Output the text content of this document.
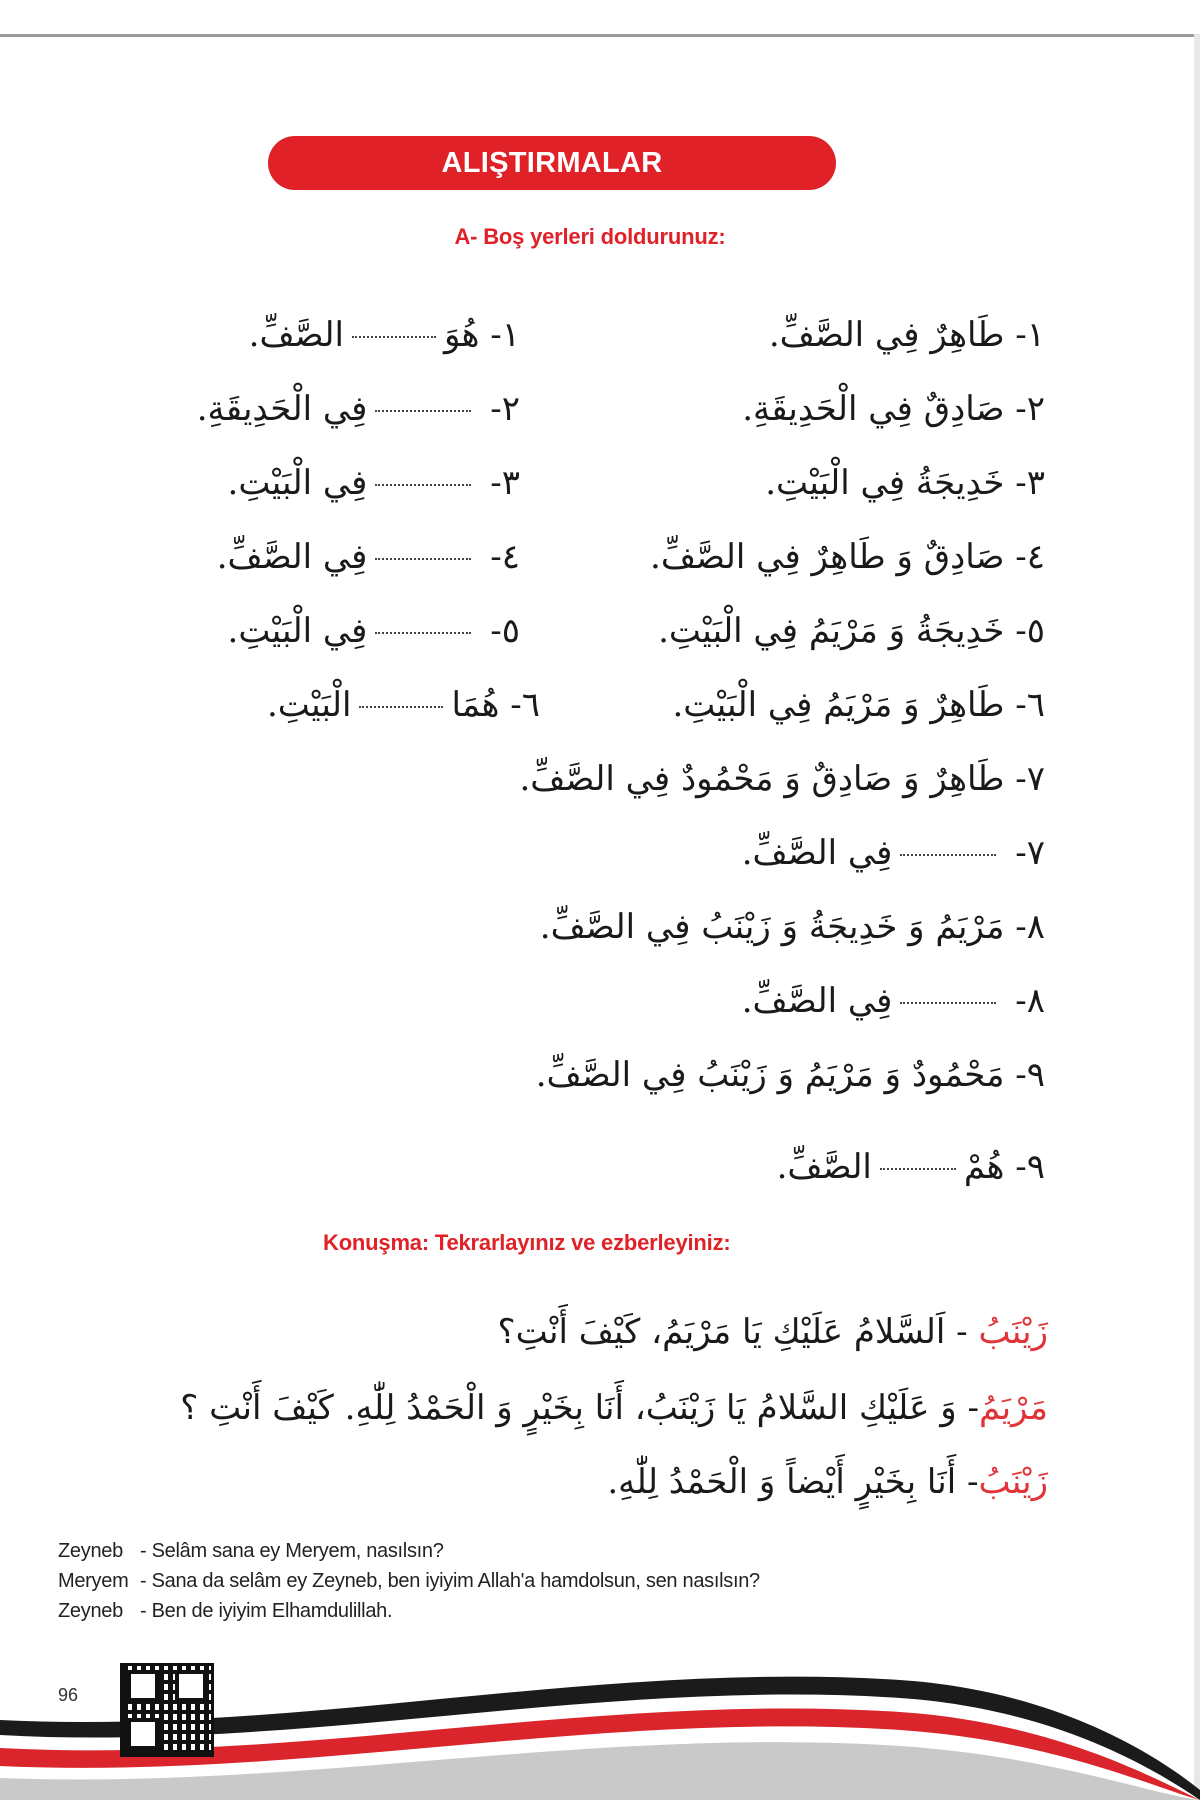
ALIŞTIRMALAR
A- Boş yerleri doldurunuz:
١- طَاهِرٌ فِي الصَّفِّ.
٢- صَادِقٌ فِي الْحَدِيقَةِ.
٣- خَدِيجَةُ فِي الْبَيْتِ.
٤- صَادِقٌ وَ طَاهِرٌ فِي الصَّفِّ.
٥- خَدِيجَةُ وَ مَرْيَمُ فِي الْبَيْتِ.
٦- طَاهِرٌ وَ مَرْيَمُ فِي الْبَيْتِ.
٧- طَاهِرٌ وَ صَادِقٌ وَ مَحْمُودٌ فِي الصَّفِّ.
٨- مَرْيَمُ وَ خَدِيجَةُ وَ زَيْنَبُ فِي الصَّفِّ.
٩- مَحْمُودٌ وَ مَرْيَمُ وَ زَيْنَبُ فِي الصَّفِّ.
١- هُوَالصَّفِّ.
٢- فِي الْحَدِيقَةِ.
٣- فِي الْبَيْتِ.
٤- فِي الصَّفِّ.
٥- فِي الْبَيْتِ.
٦- هُمَاالْبَيْتِ.
٧- فِي الصَّفِّ.
٨- فِي الصَّفِّ.
٩- هُمْالصَّفِّ.
Konuşma: Tekrarlayınız ve ezberleyiniz:
زَيْنَبُ - اَلسَّلامُ عَلَيْكِ يَا مَرْيَمُ، كَيْفَ أَنْتِ؟
مَرْيَمُ- وَ عَلَيْكِ السَّلامُ يَا زَيْنَبُ، أَنَا بِخَيْرٍ وَ الْحَمْدُ لِلّٰهِ. كَيْفَ أَنْتِ ؟
زَيْنَبُ- أَنَا بِخَيْرٍ أَيْضاً وَ الْحَمْدُ لِلّٰهِ.
Zeyneb - Selâm sana ey Meryem, nasılsın?
Meryem - Sana da selâm ey Zeyneb, ben iyiyim Allah'a hamdolsun, sen nasılsın?
Zeyneb - Ben de iyiyim Elhamdulillah.
96
